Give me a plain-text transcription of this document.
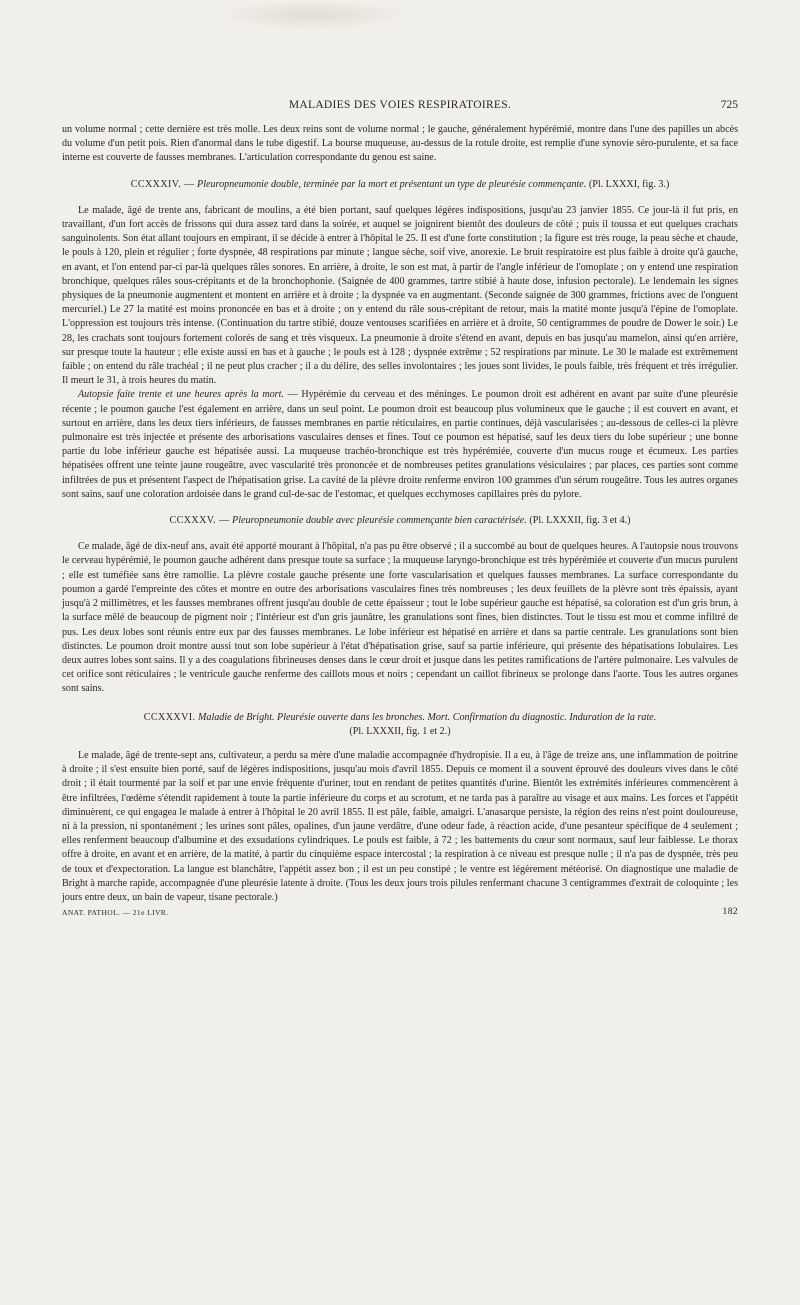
MALADIES DES VOIES RESPIRATOIRES.	725

un volume normal ; cette dernière est très molle. Les deux reins sont de volume normal ; le gauche, généralement hypérémié, montre dans l'une des papilles un abcès du volume d'un petit pois. Rien d'anormal dans le tube digestif. La bourse muqueuse, au-dessus de la rotule droite, est remplie d'une synovie séro-purulente, et sa face interne est couverte de fausses membranes. L'articulation correspondante du genou est saine.

CCXXXIV. — Pleuropneumonie double, terminée par la mort et présentant un type de pleurésie commençante. (Pl. LXXXI, fig. 3.)

Le malade, âgé de trente ans, fabricant de moulins, a été bien portant, sauf quelques légères indispositions, jusqu'au 23 janvier 1855. Ce jour-là il fut pris, en travaillant, d'un fort accès de frissons qui dura assez tard dans la soirée, et auquel se joignirent bientôt des douleurs de côté ; puis il toussa et eut quelques crachats sanguinolents. Son état allant toujours en empirant, il se décide à entrer à l'hôpital le 25. Il est d'une forte constitution ; la figure est très rouge, la peau sèche et chaude, le pouls à 120, plein et régulier ; forte dyspnée, 48 respirations par minute ; langue sèche, soif vive, anorexie. Le bruit respiratoire est plus faible à droite qu'à gauche, en avant, et l'on entend par-ci par-là quelques râles sonores. En arrière, à droite, le son est mat, à partir de l'angle inférieur de l'omoplate ; on y entend une respiration bronchique, quelques râles sous-crépitants et de la bronchophonie. (Saignée de 400 grammes, tartre stibié à haute dose, infusion pectorale). Le lendemain les signes physiques de la pneumonie augmentent et montent en arrière et à droite ; la dyspnée va en augmentant. (Seconde saignée de 300 grammes, frictions avec de l'onguent mercuriel.) Le 27 la matité est moins prononcée en bas et à droite ; on y entend du râle sous-crépitant de retour, mais la matité monte jusqu'à l'épine de l'omoplate. L'oppression est toujours très intense. (Continuation du tartre stibié, douze ventouses scarifiées en arrière et à droite, 50 centigrammes de poudre de Dower le soir.) Le 28, les crachats sont toujours fortement colorés de sang et très visqueux. La pneumonie à droite s'étend en avant, depuis en bas jusqu'au mamelon, ainsi qu'en arrière, sur presque toute la hauteur ; elle existe aussi en bas et à gauche ; le pouls est à 128 ; dyspnée extrême ; 52 respirations par minute. Le 30 le malade est extrêmement faible ; on entend du râle trachéal ; il ne peut plus cracher ; il a du délire, des selles involontaires ; les joues sont livides, le pouls faible, très fréquent et très irrégulier. Il meurt le 31, à trois heures du matin.

Autopsie faite trente et une heures après la mort. — Hypérémie du cerveau et des méninges. Le poumon droit est adhérent en avant par suite d'une pleurésie récente ; le poumon gauche l'est également en arrière, dans un seul point. Le poumon droit est beaucoup plus volumineux que le gauche ; il est couvert en avant, et surtout en arrière, dans les deux tiers inférieurs, de fausses membranes en partie réticulaires, en partie continues, déjà vascularisées ; au-dessous de celles-ci la plèvre pulmonaire est très injectée et présente des arborisations vasculaires denses et fines. Tout ce poumon est hépatisé, sauf les deux tiers du lobe supérieur ; une bonne partie du lobe inférieur gauche est hépatisée aussi. La muqueuse trachéo-bronchique est très hypérémiée, couverte d'un mucus rouge et écumeux. Les parties hépatisées offrent une teinte jaune rougeâtre, avec vascularité très prononcée et de nombreuses petites granulations vésiculaires ; par places, ces parties sont comme infiltrées de pus et présentent l'aspect de l'hépatisation grise. La cavité de la plèvre droite renferme environ 100 grammes d'un sérum rougeâtre. Tous les autres organes sont sains, sauf une coloration ardoisée dans le grand cul-de-sac de l'estomac, et quelques ecchymoses capillaires près du pylore.

CCXXXV. — Pleuropneumonie double avec pleurésie commençante bien caractérisée. (Pl. LXXXII, fig. 3 et 4.)

Ce malade, âgé de dix-neuf ans, avait été apporté mourant à l'hôpital, n'a pas pu être observé ; il a succombé au bout de quelques heures. A l'autopsie nous trouvons le cerveau hypérémié, le poumon gauche adhérent dans presque toute sa surface ; la muqueuse laryngo-bronchique est très hypérémiée et couverte d'un mucus purulent ; elle est tuméfiée sans être ramollie. La plèvre costale gauche présente une forte vascularisation et quelques fausses membranes. La surface correspondante du poumon a gardé l'empreinte des côtes et montre en outre des arborisations vasculaires fines très nombreuses ; les deux feuillets de la plèvre sont très épaissis, ayant jusqu'à 2 millimètres, et les fausses membranes offrent jusqu'au double de cette épaisseur ; tout le lobe supérieur gauche est hépatisé, sa coloration est d'un gris brun, à la surface mêlé de beaucoup de pigment noir ; l'intérieur est d'un gris jaunâtre, les granulations sont fines, bien distinctes. Tout le tissu est mou et comme infiltré de pus. Les deux lobes sont réunis entre eux par des fausses membranes. Le lobe inférieur est hépatisé en arrière et dans sa partie centrale. Les granulations sont bien distinctes. Le poumon droit montre aussi tout son lobe supérieur à l'état d'hépatisation grise, sauf sa partie inférieure, qui présente des hépatisations lobulaires. Les deux autres lobes sont sains. Il y a des coagulations fibrineuses denses dans le cœur droit et jusque dans les petites ramifications de l'artère pulmonaire. Les valvules de cet orifice sont réticulaires ; le ventricule gauche renferme des caillots mous et noirs ; cependant un caillot fibrineux se prolonge dans l'aorte. Tous les autres organes sont sains.

CCXXXVI. Maladie de Bright. Pleurésie ouverte dans les bronches. Mort. Confirmation du diagnostic. Induration de la rate.
(Pl. LXXXII, fig. 1 et 2.)

Le malade, âgé de trente-sept ans, cultivateur, a perdu sa mère d'une maladie accompagnée d'hydropisie. Il a eu, à l'âge de treize ans, une inflammation de poitrine à droite ; il s'est ensuite bien porté, sauf de légères indispositions, jusqu'au mois d'avril 1855. Depuis ce moment il a souvent éprouvé des douleurs vives dans le côté droit ; il était tourmenté par la soif et par une envie fréquente d'uriner, tout en rendant de petites quantités d'urine. Bientôt les extrémités inférieures commencèrent à être infiltrées, l'œdème s'étendit rapidement à toute la partie inférieure du corps et au scrotum, et ne tarda pas à paraître au visage et aux mains. Les forces et l'appétit diminuèrent, ce qui engagea le malade à entrer à l'hôpital le 20 avril 1855. Il est pâle, faible, amaigri. L'anasarque persiste, la région des reins n'est point douloureuse, ni à la pression, ni spontanément ; les urines sont pâles, opalines, d'un jaune verdâtre, d'une odeur fade, à réaction acide, d'une pesanteur spécifique de 4 seulement ; elles renferment beaucoup d'albumine et des exsudations cylindriques. Le pouls est faible, à 72 ; les battements du cœur sont normaux, sauf leur faiblesse. Le thorax offre à droite, en avant et en arrière, de la matité, à partir du cinquième espace intercostal ; la respiration à ce niveau est presque nulle ; il n'a pas de dyspnée, très peu de toux et d'expectoration. La langue est blanchâtre, l'appétit assez bon ; il est un peu constipé ; le ventre est légèrement météorisé. On diagnostique une maladie de Bright à marche rapide, accompagnée d'une pleurésie latente à droite. (Tous les deux jours trois pilules renfermant chacune 3 centigrammes d'extrait de coloquinte ; les jours entre deux, un bain de vapeur, tisane pectorale.)

ANAT. PATHOL. — 21e LIVR.	182
